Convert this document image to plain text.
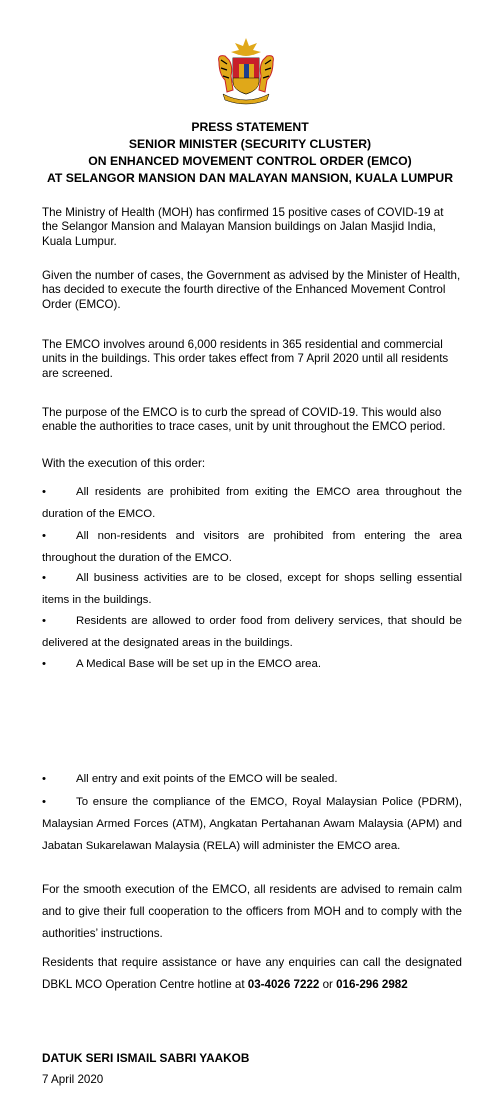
PRESS STATEMENT
SENIOR MINISTER (SECURITY CLUSTER)
ON ENHANCED MOVEMENT CONTROL ORDER (EMCO)
AT SELANGOR MANSION DAN MALAYAN MANSION, KUALA LUMPUR
The Ministry of Health (MOH) has confirmed 15 positive cases of COVID-19 at the Selangor Mansion and Malayan Mansion buildings on Jalan Masjid India, Kuala Lumpur.
Given the number of cases, the Government as advised by the Minister of Health, has decided to execute the fourth directive of the Enhanced Movement Control Order (EMCO).
The EMCO involves around 6,000 residents in 365 residential and commercial units in the buildings. This order takes effect from 7 April 2020 until all residents are screened.
The purpose of the EMCO is to curb the spread of COVID-19. This would also enable the authorities to trace cases, unit by unit throughout the EMCO period.
With the execution of this order:
•	All residents are prohibited from exiting the EMCO area throughout the duration of the EMCO.
•	All non-residents and visitors are prohibited from entering the area throughout the duration of the EMCO.
•	All business activities are to be closed, except for shops selling essential items in the buildings.
•	Residents are allowed to order food from delivery services, that should be delivered at the designated areas in the buildings.
•	A Medical Base will be set up in the EMCO area.
•	All entry and exit points of the EMCO will be sealed.
•	To ensure the compliance of the EMCO, Royal Malaysian Police (PDRM), Malaysian Armed Forces (ATM), Angkatan Pertahanan Awam Malaysia (APM) and Jabatan Sukarelawan Malaysia (RELA) will administer the EMCO area.
For the smooth execution of the EMCO, all residents are advised to remain calm and to give their full cooperation to the officers from MOH and to comply with the authorities’ instructions.
Residents that require assistance or have any enquiries can call the designated DBKL MCO Operation Centre hotline at 03-4026 7222 or 016-296 2982
DATUK SERI ISMAIL SABRI YAAKOB
7 April 2020
